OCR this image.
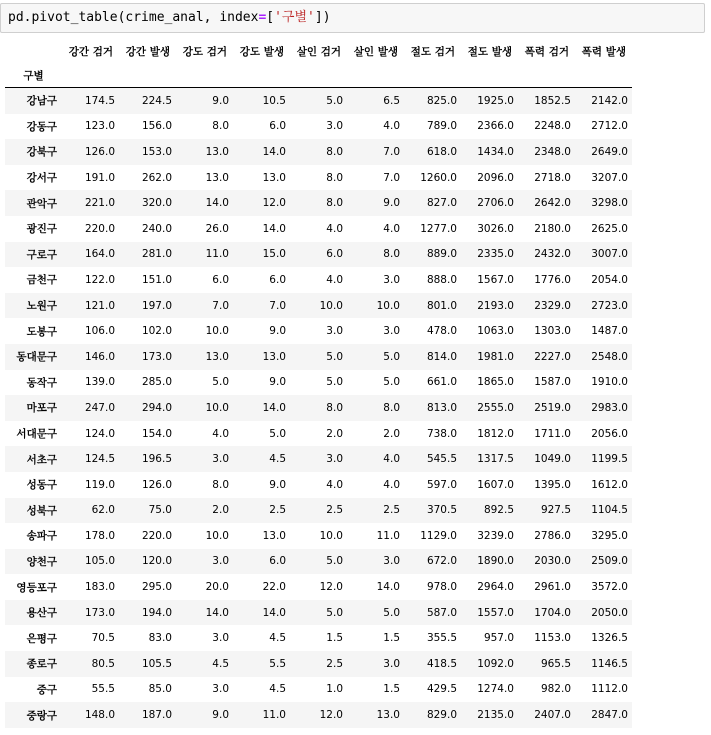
pd.pivot_table(crime_anal, index=['구별'])
	강간 검거	강간 발생	강도 검거	강도 발생	살인 검거	살인 발생	절도 검거	절도 발생	폭력 검거	폭력 발생
구별										
강남구	174.5	224.5	9.0	10.5	5.0	6.5	825.0	1925.0	1852.5	2142.0
강동구	123.0	156.0	8.0	6.0	3.0	4.0	789.0	2366.0	2248.0	2712.0
강북구	126.0	153.0	13.0	14.0	8.0	7.0	618.0	1434.0	2348.0	2649.0
강서구	191.0	262.0	13.0	13.0	8.0	7.0	1260.0	2096.0	2718.0	3207.0
관악구	221.0	320.0	14.0	12.0	8.0	9.0	827.0	2706.0	2642.0	3298.0
광진구	220.0	240.0	26.0	14.0	4.0	4.0	1277.0	3026.0	2180.0	2625.0
구로구	164.0	281.0	11.0	15.0	6.0	8.0	889.0	2335.0	2432.0	3007.0
금천구	122.0	151.0	6.0	6.0	4.0	3.0	888.0	1567.0	1776.0	2054.0
노원구	121.0	197.0	7.0	7.0	10.0	10.0	801.0	2193.0	2329.0	2723.0
도봉구	106.0	102.0	10.0	9.0	3.0	3.0	478.0	1063.0	1303.0	1487.0
동대문구	146.0	173.0	13.0	13.0	5.0	5.0	814.0	1981.0	2227.0	2548.0
동작구	139.0	285.0	5.0	9.0	5.0	5.0	661.0	1865.0	1587.0	1910.0
마포구	247.0	294.0	10.0	14.0	8.0	8.0	813.0	2555.0	2519.0	2983.0
서대문구	124.0	154.0	4.0	5.0	2.0	2.0	738.0	1812.0	1711.0	2056.0
서초구	124.5	196.5	3.0	4.5	3.0	4.0	545.5	1317.5	1049.0	1199.5
성동구	119.0	126.0	8.0	9.0	4.0	4.0	597.0	1607.0	1395.0	1612.0
성북구	62.0	75.0	2.0	2.5	2.5	2.5	370.5	892.5	927.5	1104.5
송파구	178.0	220.0	10.0	13.0	10.0	11.0	1129.0	3239.0	2786.0	3295.0
양천구	105.0	120.0	3.0	6.0	5.0	3.0	672.0	1890.0	2030.0	2509.0
영등포구	183.0	295.0	20.0	22.0	12.0	14.0	978.0	2964.0	2961.0	3572.0
용산구	173.0	194.0	14.0	14.0	5.0	5.0	587.0	1557.0	1704.0	2050.0
은평구	70.5	83.0	3.0	4.5	1.5	1.5	355.5	957.0	1153.0	1326.5
종로구	80.5	105.5	4.5	5.5	2.5	3.0	418.5	1092.0	965.5	1146.5
중구	55.5	85.0	3.0	4.5	1.0	1.5	429.5	1274.0	982.0	1112.0
중랑구	148.0	187.0	9.0	11.0	12.0	13.0	829.0	2135.0	2407.0	2847.0
